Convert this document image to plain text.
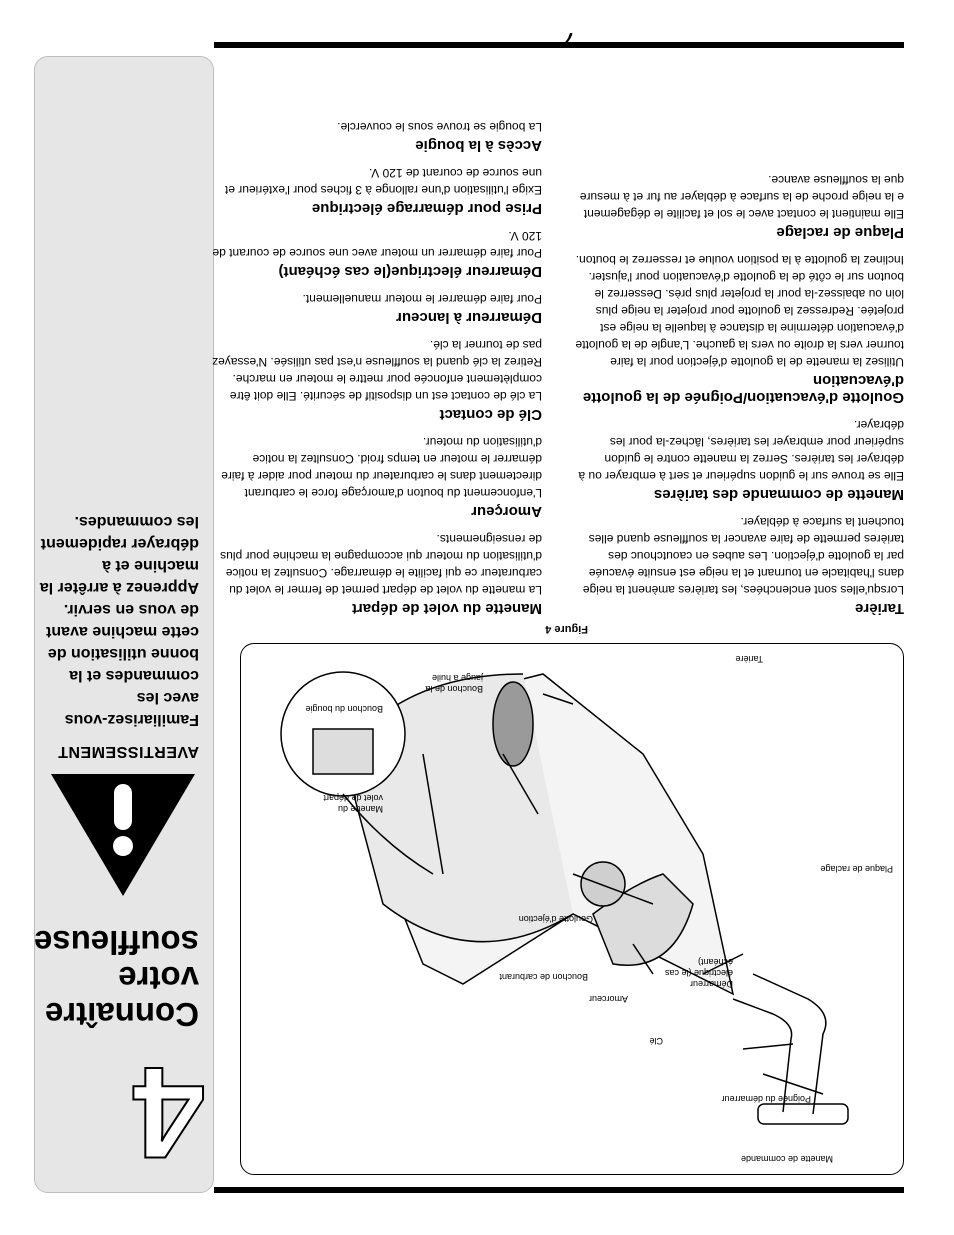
7
4
Connaître votre souffleuse
AVERTISSEMENT
Familiarisez-vous avec les commandes et la bonne utilisation de cette machine avant de vous en servir. Apprenez à arrêter la machine et à débrayer rapidement les commandes.
Manette de commande
Poignée du démarreur
Clé
Démarreur électrique (le cas échéant)
Amorceur
Bouchon de carburant
Goulotte d'éjection
Plaque de raclage
Tarière
Bouchon de la jauge à huile
Bouchon du bougie
Manette du volet de départ
Figure 4
Tarière

Lorsqu'elles sont enclenchées, les tarières amènent la neige dans l'habitacle en tournant et la neige est ensuite évacuée par la goulotte d'éjection. Les aubes en caoutchouc des tarières permette de faire avancer la souffleuse quand elles touchent la surface à déblayer.

Manette de commande des tarières

Elle se trouve sur le guidon supérieur et sert à embrayer ou à débrayer les tarières. Serrez la manette contre le guidon supérieur pour embrayer les tarières, lâchez-la pour les débrayer.

Goulotte d'évacuation/Poignée de la goulotte d'évacuation

Utilisez la manette de la goulotte d'éjection pour la faire tourner vers la droite ou vers la gauche. L'angle de la goulotte d'évacuation détermine la distance à laquelle la neige est projetée. Redressez la goulotte pour projeter la neige plus loin ou abaissez-la pour la projeter plus près. Desserrez le bouton sur le côté de la goulotte d'évacuation pour l'ajuster. Inclinez la goulotte à la position voulue et resserrez le bouton.

Plaque de raclage

Elle maintient le contact avec le sol et facilite le dégagement e la neige proche de la surface à déblayer au fur et à mesure que la souffleuse avance.

Manette du volet de départ

La manette du volet de départ permet de fermer le volet du carburateur ce qui facilite le démarrage. Consultez la notice d'utilisation du moteur qui accompagne la machine pour plus de renseignements.

Amorçeur

L'enfoncement du bouton d'amorçage force le carburant directement dans le carburateur du moteur pour aider à faire démarrer le moteur en temps froid. Consultez la notice d'utilisation du moteur.

Clé de contact

La clé de contact est un dispositif de sécurité. Elle doit être complètement enfoncée pour mettre le moteur en marche. Retirez la clé quand la souffleuse n'est pas utilisée. N'essayez pas de tourner la clé.

Démarreur à lanceur

Pour faire démarrer le moteur manuellement.

Démarreur électrique(le cas échéant)

Pour faire démarrer un moteur avec une source de courant de 120 V.

Prise pour démarrage électrique

Exige l'utilisation d'une rallonge à 3 fiches pour l'extérieur et une source de courant de 120 V.

Accès à la bougie

La bougie se trouve sous le couvercle.
